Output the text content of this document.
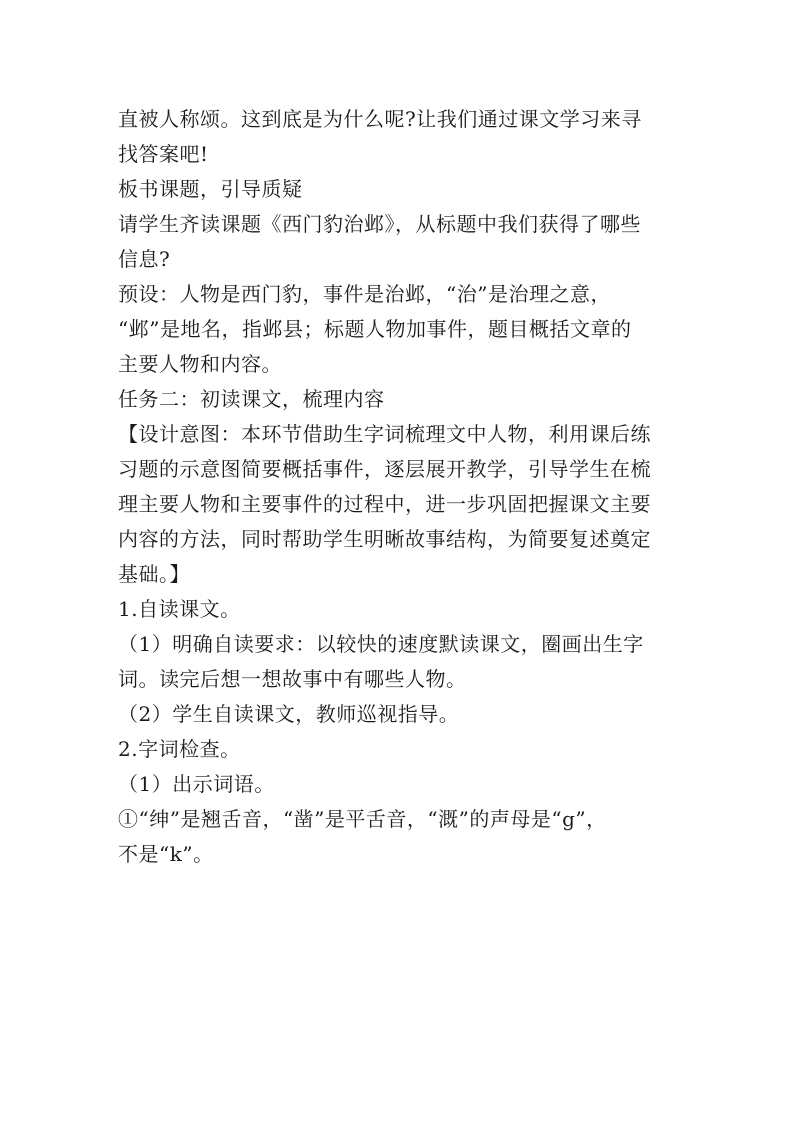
直被人称颂。这到底是为什么呢?让我们通过课文学习来寻
找答案吧!
板书课题，引导质疑
请学生齐读课题《西门豹治邺》，从标题中我们获得了哪些
信息?
预设：人物是西门豹，事件是治邺，“治”是治理之意，
“邺”是地名，指邺县；标题人物加事件，题目概括文章的
主要人物和内容。
任务二：初读课文，梳理内容
【设计意图：本环节借助生字词梳理文中人物，利用课后练
习题的示意图简要概括事件，逐层展开教学，引导学生在梳
理主要人物和主要事件的过程中，进一步巩固把握课文主要
内容的方法，同时帮助学生明晰故事结构，为简要复述奠定
基础。】
1.自读课文。
（1）明确自读要求：以较快的速度默读课文，圈画出生字
词。读完后想一想故事中有哪些人物。
（2）学生自读课文，教师巡视指导。
2.字词检查。
（1）出示词语。
①“绅”是翘舌音，“凿”是平舌音，“溉”的声母是“g”，
不是“k”。
